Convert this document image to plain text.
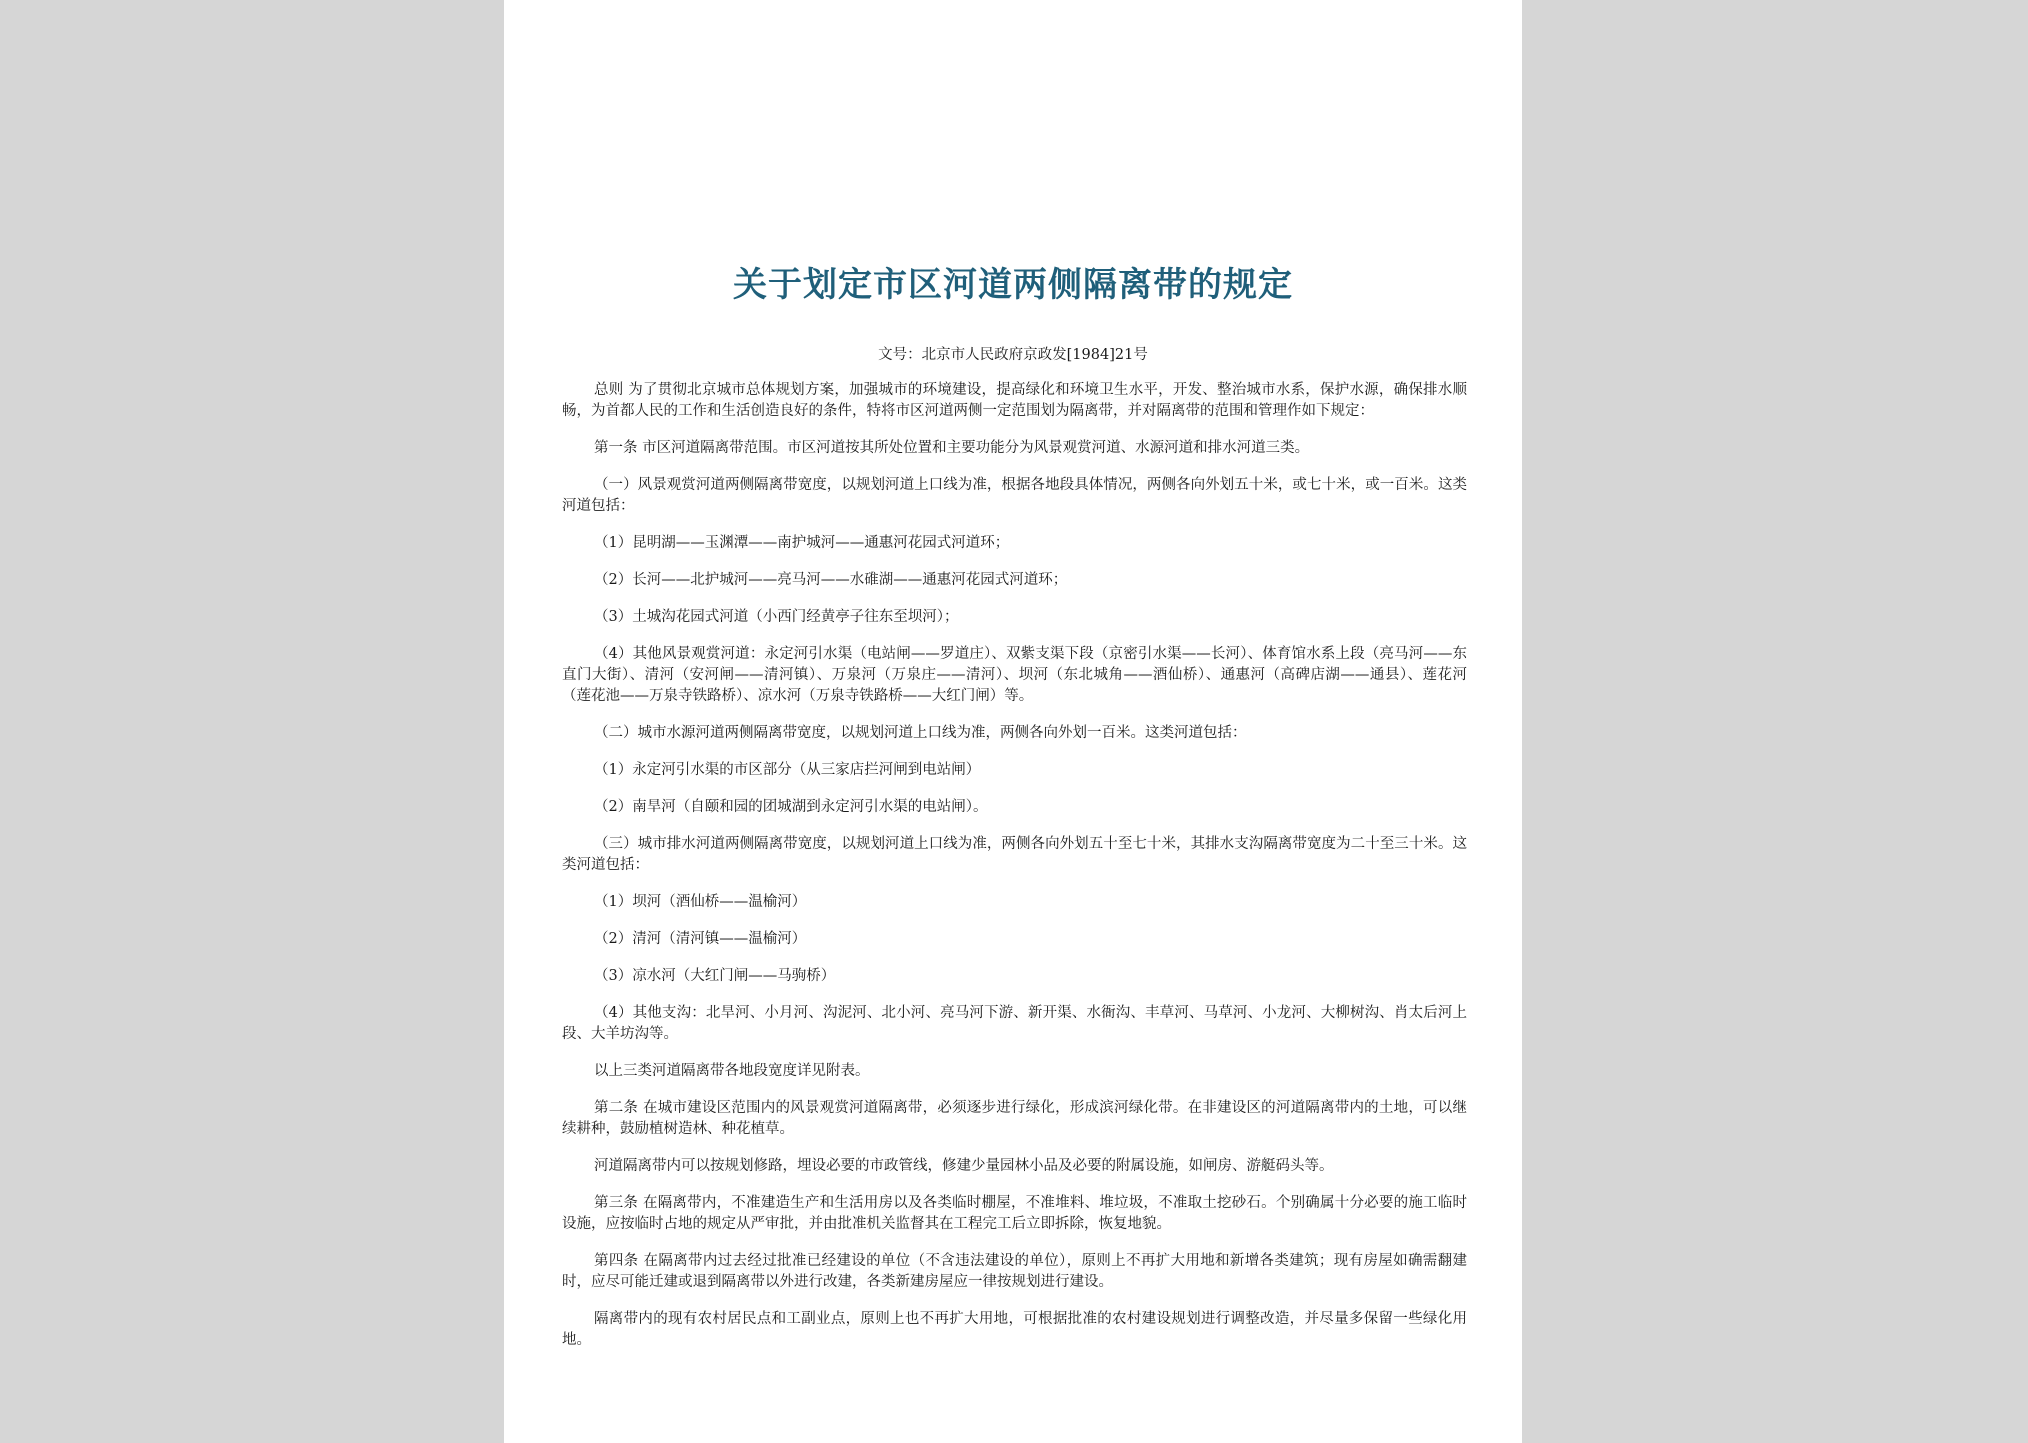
关于划定市区河道两侧隔离带的规定
文号：北京市人民政府京政发[1984]21号

总则 为了贯彻北京城市总体规划方案，加强城市的环境建设，提高绿化和环境卫生水平，开发、整治城市水系，保护水源，确保排水顺畅，为首都人民的工作和生活创造良好的条件，特将市区河道两侧一定范围划为隔离带，并对隔离带的范围和管理作如下规定：

第一条 市区河道隔离带范围。市区河道按其所处位置和主要功能分为风景观赏河道、水源河道和排水河道三类。

（一）风景观赏河道两侧隔离带宽度，以规划河道上口线为准，根据各地段具体情况，两侧各向外划五十米，或七十米，或一百米。这类河道包括：

（1）昆明湖——玉渊潭——南护城河——通惠河花园式河道环；

（2）长河——北护城河——亮马河——水碓湖——通惠河花园式河道环；

（3）土城沟花园式河道（小西门经黄亭子往东至坝河）；

（4）其他风景观赏河道：永定河引水渠（电站闸——罗道庄）、双紫支渠下段（京密引水渠——长河）、体育馆水系上段（亮马河——东直门大街）、清河（安河闸——清河镇）、万泉河（万泉庄——清河）、坝河（东北城角——酒仙桥）、通惠河（高碑店湖——通县）、莲花河（莲花池——万泉寺铁路桥）、凉水河（万泉寺铁路桥——大红门闸）等。

（二）城市水源河道两侧隔离带宽度，以规划河道上口线为准，两侧各向外划一百米。这类河道包括：

（1）永定河引水渠的市区部分（从三家店拦河闸到电站闸）

（2）南旱河（自颐和园的团城湖到永定河引水渠的电站闸）。

（三）城市排水河道两侧隔离带宽度，以规划河道上口线为准，两侧各向外划五十至七十米，其排水支沟隔离带宽度为二十至三十米。这类河道包括：

（1）坝河（酒仙桥——温榆河）

（2）清河（清河镇——温榆河）

（3）凉水河（大红门闸——马驹桥）

（4）其他支沟：北旱河、小月河、沟泥河、北小河、亮马河下游、新开渠、水衙沟、丰草河、马草河、小龙河、大柳树沟、肖太后河上段、大羊坊沟等。

以上三类河道隔离带各地段宽度详见附表。

第二条 在城市建设区范围内的风景观赏河道隔离带，必须逐步进行绿化，形成滨河绿化带。在非建设区的河道隔离带内的土地，可以继续耕种，鼓励植树造林、种花植草。

河道隔离带内可以按规划修路，埋设必要的市政管线，修建少量园林小品及必要的附属设施，如闸房、游艇码头等。

第三条 在隔离带内，不准建造生产和生活用房以及各类临时棚屋，不准堆料、堆垃圾，不准取土挖砂石。个别确属十分必要的施工临时设施，应按临时占地的规定从严审批，并由批准机关监督其在工程完工后立即拆除，恢复地貌。

第四条 在隔离带内过去经过批准已经建设的单位（不含违法建设的单位），原则上不再扩大用地和新增各类建筑；现有房屋如确需翻建时，应尽可能迁建或退到隔离带以外进行改建，各类新建房屋应一律按规划进行建设。

隔离带内的现有农村居民点和工副业点，原则上也不再扩大用地，可根据批准的农村建设规划进行调整改造，并尽量多保留一些绿化用地。
